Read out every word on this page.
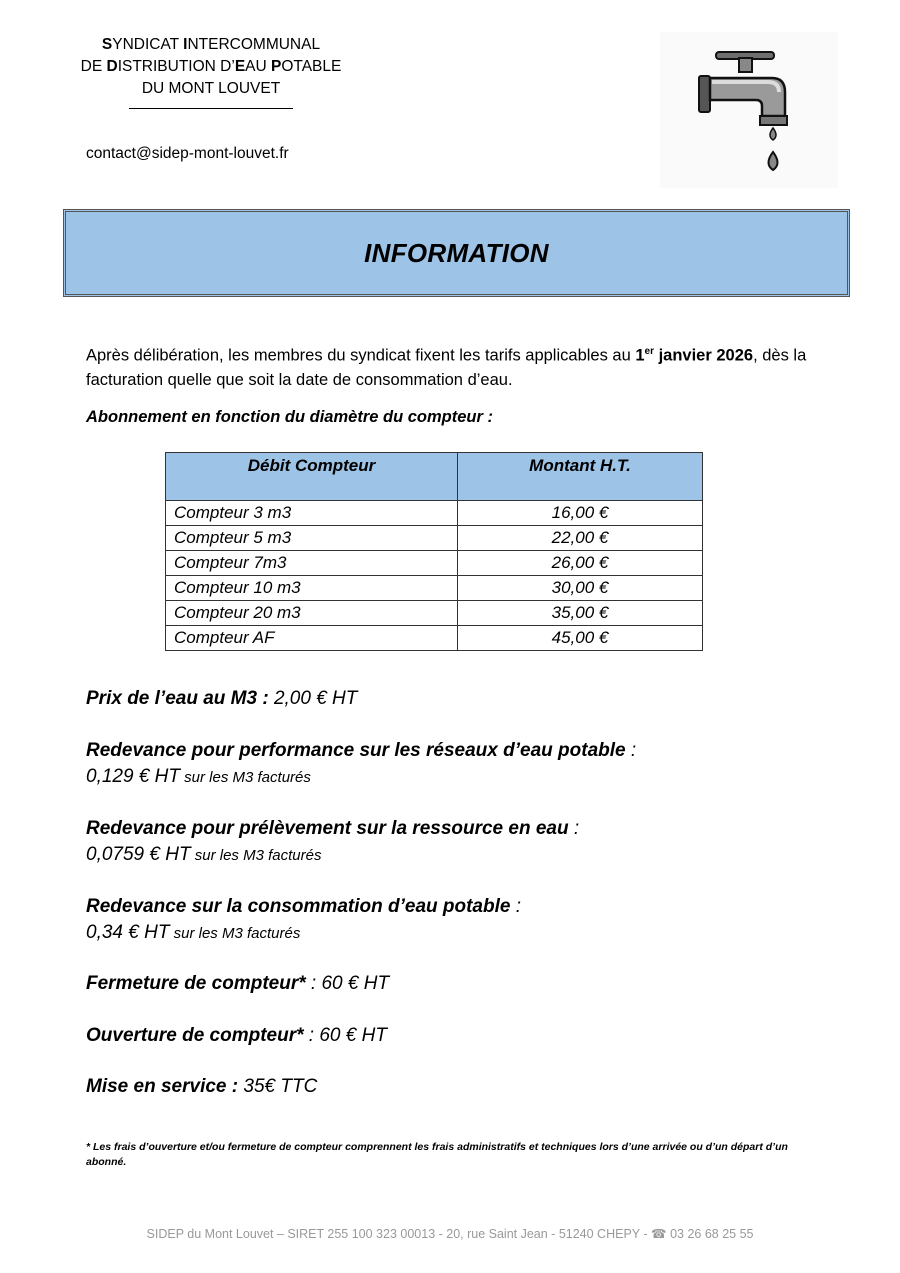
SYNDICAT INTERCOMMUNAL
DE DISTRIBUTION D’EAU POTABLE
DU MONT LOUVET
contact@sidep-mont-louvet.fr
INFORMATION
Après délibération, les membres du syndicat fixent les tarifs applicables au 1er janvier 2026, dès la facturation quelle que soit la date de consommation d’eau.
Abonnement en fonction du diamètre du compteur :
Débit Compteur	Montant H.T.
Compteur 3 m3	16,00 €
Compteur 5 m3	22,00 €
Compteur 7m3	26,00 €
Compteur 10 m3	30,00 €
Compteur 20 m3	35,00 €
Compteur AF	45,00 €
Prix de l’eau au M3 : 2,00 € HT
Redevance pour performance sur les réseaux d’eau potable :
0,129 € HT sur les M3 facturés
Redevance pour prélèvement sur la ressource en eau :
0,0759 € HT sur les M3 facturés
Redevance sur la consommation d’eau potable :
0,34 € HT sur les M3 facturés
Fermeture de compteur* : 60 € HT
Ouverture de compteur* : 60 € HT
Mise en service : 35€ TTC
* Les frais d’ouverture et/ou fermeture de compteur comprennent les frais administratifs et techniques lors d’une arrivée ou d’un départ d’un abonné.
SIDEP du Mont Louvet – SIRET 255 100 323 00013 - 20, rue Saint Jean - 51240 CHEPY - ☎ 03 26 68 25 55
